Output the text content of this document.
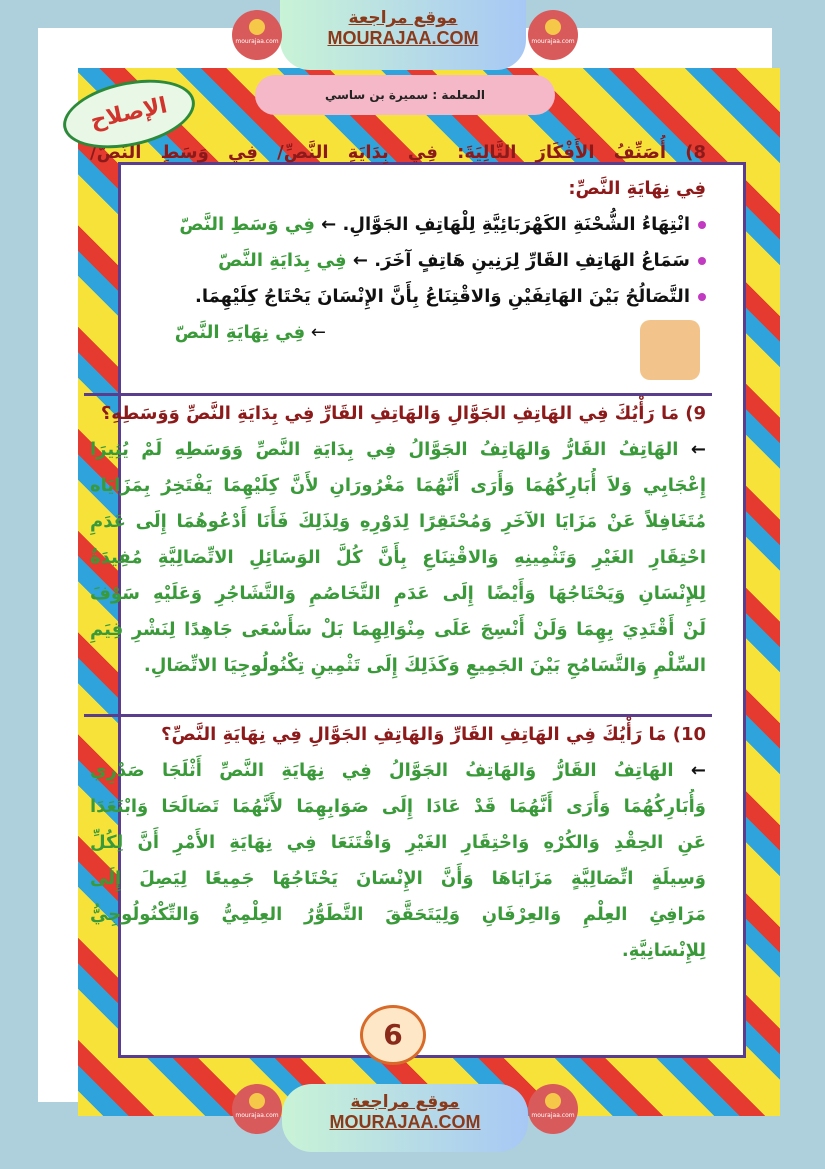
موقع مراجعة
MOURAJAA.COM
mourajaa.com	mourajaa.com
المعلمة : سميرة بن ساسي
الإصلاح
8) أُصَنِّفُ الأَفْكَارَ التَّالِيَةَ: فِي بِدَايَةِ النَّصِّ/ فِي وَسَطِ النَّصّ/
فِي نِهَايَةِ النَّصِّ:
انْتِهَاءُ الشُّحْنَةِ الكَهْرَبَائِيَّةِ لِلْهَاتِفِ الجَوَّالِ. ← فِي وَسَطِ النَّصّ
سَمَاعُ الهَاتِفِ القَارِّ لِرَنِينِ هَاتِفٍ آخَرَ. ← فِي بِدَايَةِ النَّصّ
التَّصَالُحُ بَيْنَ الهَاتِفَيْنِ وَالاقْتِنَاعُ بِأَنَّ الإِنْسَانَ يَحْتَاجُ كِلَيْهِمَا.
← فِي نِهَايَةِ النَّصّ
9) مَا رَأْيُكَ فِي الهَاتِفِ الجَوَّالِ وَالهَاتِفِ القَارِّ فِي بِدَايَةِ النَّصِّ وَوَسَطِهِ؟
← الهَاتِفُ القَارُّ وَالهَاتِفُ الجَوَّالُ فِي بِدَايَةِ النَّصِّ وَوَسَطِهِ لَمْ يُثِيرَا
إِعْجَابِي وَلاَ أُبَارِكُهُمَا وَأَرَى أَنَّهُمَا مَغْرُورَانِ لأَنَّ كِلَيْهِمَا يَفْتَخِرُ بِمَزَايَاه
مُتَغَافِلاً عَنْ مَزَايَا الآخَرِ وَمُحْتَقِرًا لِدَوْرِهِ وَلِذَلِكَ فَأَنَا أَدْعُوهُمَا إِلَى عَدَمِ
احْتِقَارِ الغَيْرِ وَتَثْمِينِهِ وَالاقْتِنَاعِ بِأَنَّ كُلَّ الوَسَائِلِ الاتِّصَالِيَّةِ مُفِيدَةٌ
لِلإِنْسَانِ وَيَحْتَاجُهَا وَأَيْضًا إِلَى عَدَمِ التَّخَاصُمِ وَالتَّشَاجُرِ وَعَلَيْهِ سَوْفَ
لَنْ أَقْتَدِيَ بِهِمَا وَلَنْ أَنْسِجَ عَلَى مِنْوَالِهِمَا بَلْ سَأَسْعَى جَاهِدًا لِنَشْرِ قِيَمِ
السِّلْمِ وَالتَّسَامُحِ بَيْنَ الجَمِيعِ وَكَذَلِكَ إِلَى تَثْمِينِ تِكْنُولُوجِيَا الاتِّصَالِ.
10) مَا رَأْيُكَ فِي الهَاتِفِ القَارِّ وَالهَاتِفِ الجَوَّالِ فِي نِهَايَةِ النَّصِّ؟
← الهَاتِفُ القَارُّ وَالهَاتِفُ الجَوَّالُ فِي نِهَايَةِ النَّصِّ أَثْلَجَا صَدْرِي
وَأُبَارِكُهُمَا وَأَرَى أَنَّهُمَا قَدْ عَادَا إِلَى صَوَابِهِمَا لأَنَّهُمَا تَصَالَحَا وَابْتَعَدَا
عَنِ الحِقْدِ وَالكُرْهِ وَاحْتِقَارِ الغَيْرِ وَاقْتَنَعَا فِي نِهَايَةِ الأَمْرِ أَنَّ لِكُلِّ
وَسِيلَةٍ اتِّصَالِيَّةٍ مَزَايَاهَا وَأَنَّ الإِنْسَانَ يَحْتَاجُهَا جَمِيعًا لِيَصِلَ إِلَى
مَرَافِئِ العِلْمِ وَالعِرْفَانِ وَلِيَتَحَقَّقَ التَّطَوُّرُ العِلْمِيُّ وَالتِّكْنُولُوجِيُّ
لِلإِنْسَانِيَّةِ.
6
موقع مراجعة
MOURAJAA.COM
mourajaa.com	mourajaa.com
